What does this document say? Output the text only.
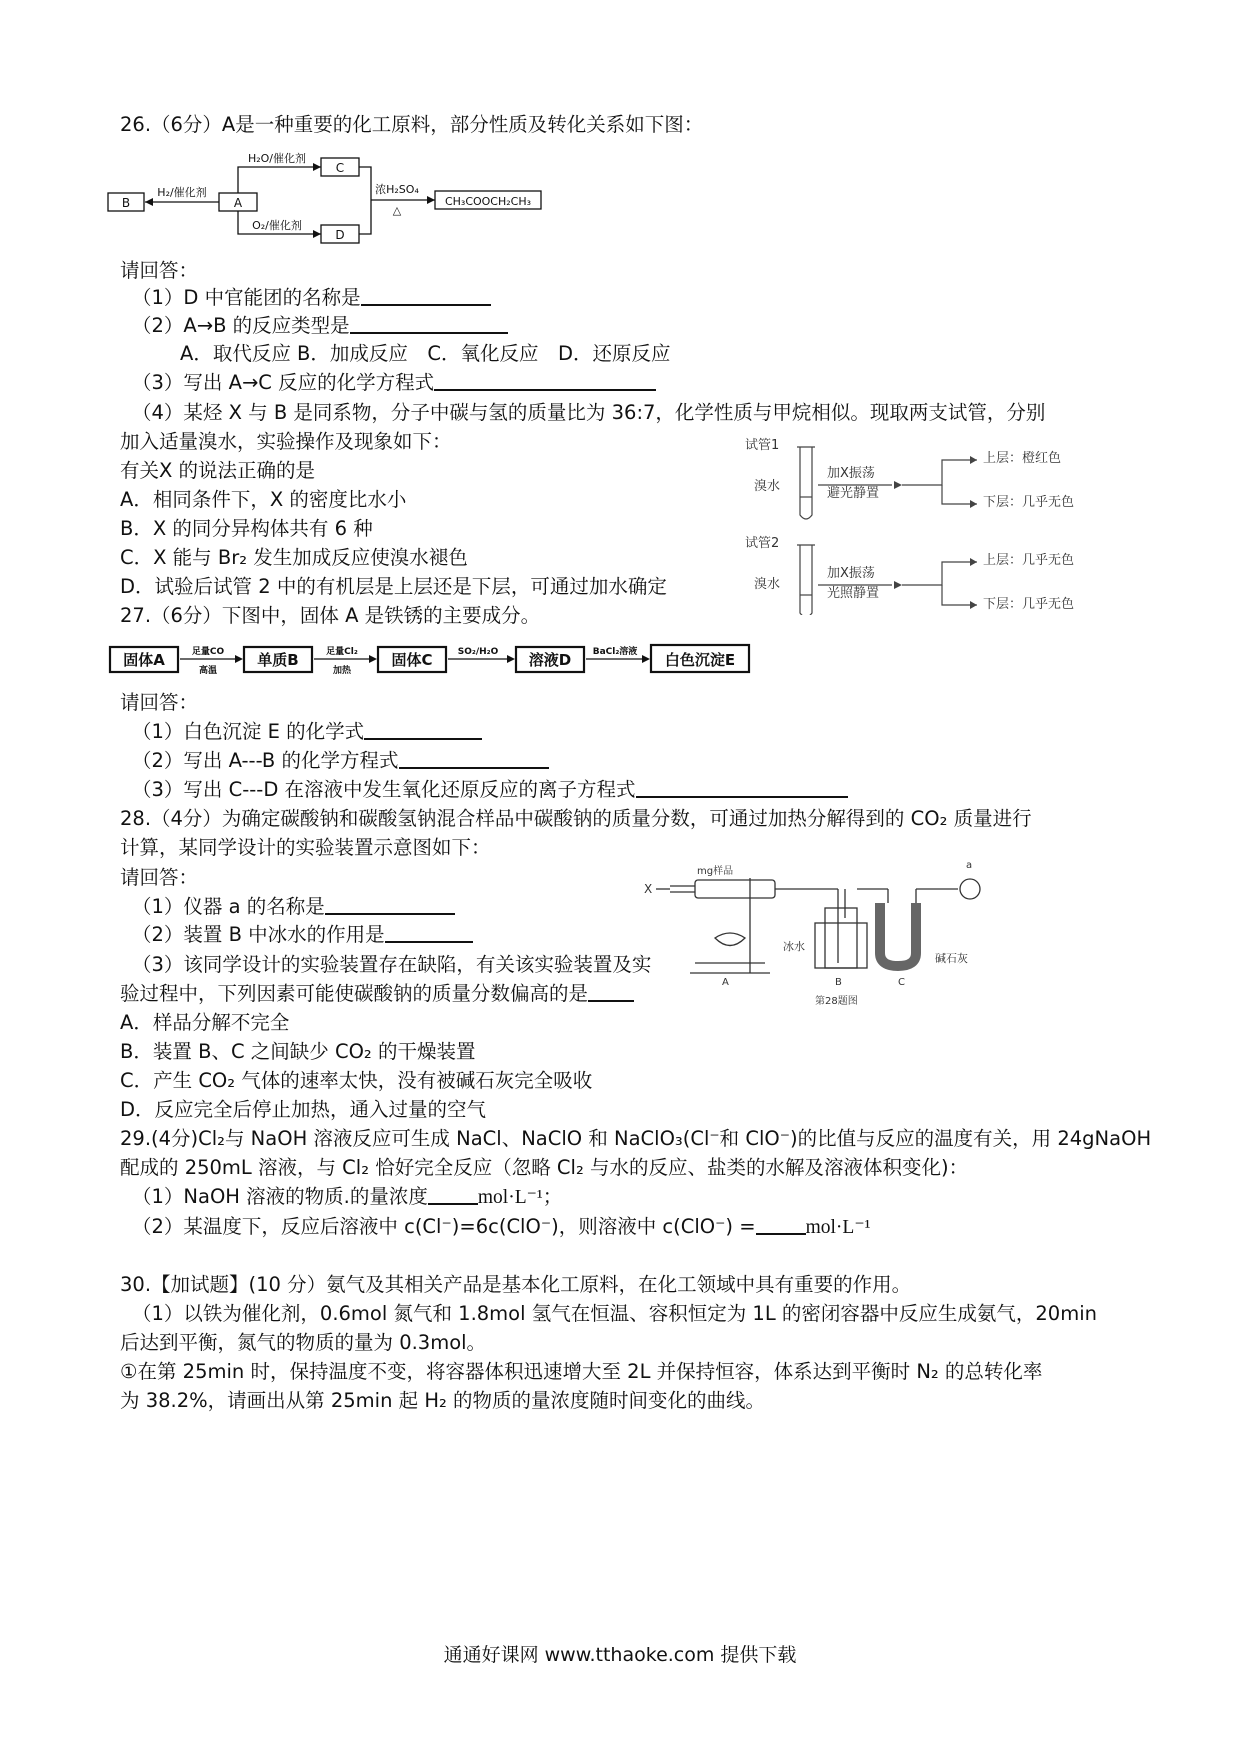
26.（6分）A是一种重要的化工原料，部分性质及转化关系如下图：
B	A
C
D
CH₃COOCH₂CH₃
H₂/催化剂
H₂O/催化剂
O₂/催化剂
浓H₂SO₄
△
请回答：
（1）D 中官能团的名称是
（2）A→B 的反应类型是
A．取代反应 B．加成反应　C．氧化反应　D．还原反应
（3）写出 A→C 反应的化学方程式
（4）某烃 X 与 B 是同系物，分子中碳与氢的质量比为 36:7，化学性质与甲烷相似。现取两支试管，分别
加入适量溴水，实验操作及现象如下：
有关X 的说法正确的是
A．相同条件下，X 的密度比水小
B．X 的同分异构体共有 6 种
C．X 能与 Br₂ 发生加成反应使溴水褪色
D．试验后试管 2 中的有机层是上层还是下层，可通过加水确定
试管1
溴水
加X振荡
避光静置
上层：橙红色
下层：几乎无色
试管2
溴水
加X振荡
光照静置
上层：几乎无色
下层：几乎无色
27.（6分）下图中，固体 A 是铁锈的主要成分。
固体A	单质B	固体C	溶液D	白色沉淀E
足量CO
高温
足量Cl₂
加热
SO₂/H₂O	BaCl₂溶液
请回答：
（1）白色沉淀 E 的化学式
（2）写出 A---B 的化学方程式
（3）写出 C---D 在溶液中发生氧化还原反应的离子方程式
28.（4分）为确定碳酸钠和碳酸氢钠混合样品中碳酸钠的质量分数，可通过加热分解得到的 CO₂ 质量进行
计算，某同学设计的实验装置示意图如下：
请回答：
（1）仪器 a 的名称是
（2）装置 B 中冰水的作用是
（3）该同学设计的实验装置存在缺陷，有关该实验装置及实
验过程中，下列因素可能使碳酸钠的质量分数偏高的是
A．样品分解不完全
B．装置 B、C 之间缺少 CO₂ 的干燥装置
C．产生 CO₂ 气体的速率太快，没有被碱石灰完全吸收
D．反应完全后停止加热，通入过量的空气
X
mg样品
a
冰水
碱石灰
A	B	C
第28题图
29.(4分)Cl₂与 NaOH 溶液反应可生成 NaCl、NaClO 和 NaClO₃(Cl⁻和 ClO⁻)的比值与反应的温度有关，用 24gNaOH
配成的 250mL 溶液，与 Cl₂ 恰好完全反应（忽略 Cl₂ 与水的反应、盐类的水解及溶液体积变化)：
（1）NaOH 溶液的物质.的量浓度	mol·L⁻¹；
（2）某温度下，反应后溶液中 c(Cl⁻)=6c(ClO⁻)，则溶液中 c(ClO⁻) =	mol·L⁻¹
30.【加试题】(10 分）氨气及其相关产品是基本化工原料，在化工领域中具有重要的作用。
（1）以铁为催化剂，0.6mol 氮气和 1.8mol 氢气在恒温、容积恒定为 1L 的密闭容器中反应生成氨气，20min
后达到平衡，氮气的物质的量为 0.3mol。
①在第 25min 时，保持温度不变，将容器体积迅速增大至 2L 并保持恒容，体系达到平衡时 N₂ 的总转化率
为 38.2%，请画出从第 25min 起 H₂ 的物质的量浓度随时间变化的曲线。
通通好课网 www.tthaoke.com 提供下载
